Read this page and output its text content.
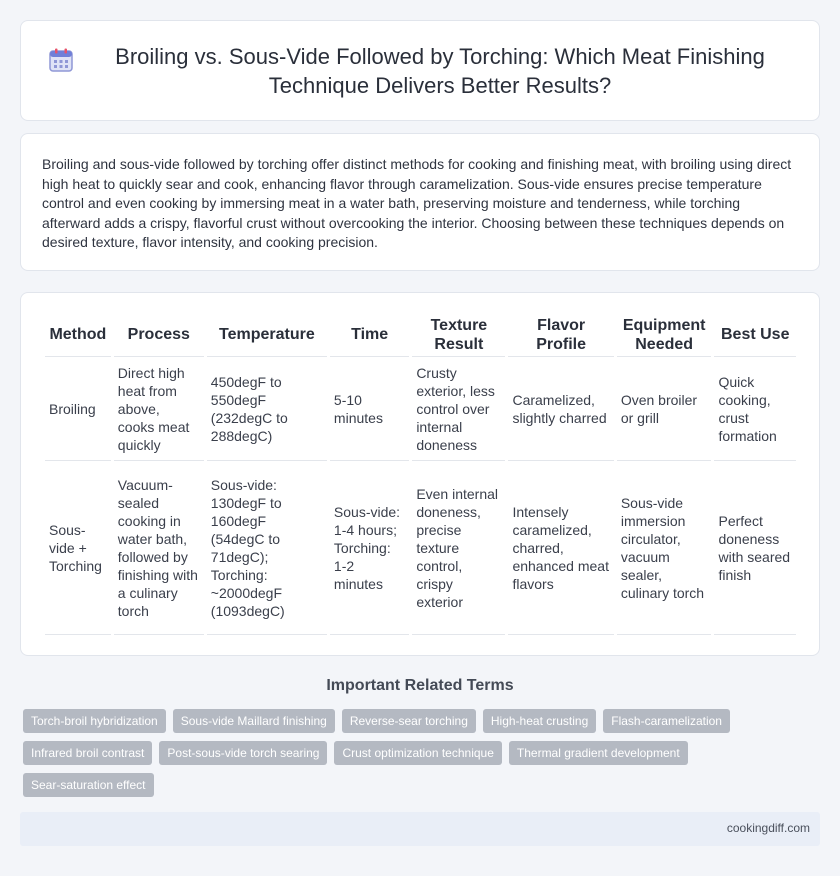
Broiling vs. Sous-Vide Followed by Torching: Which Meat Finishing Technique Delivers Better Results?

Broiling and sous-vide followed by torching offer distinct methods for cooking and finishing meat, with broiling using direct high heat to quickly sear and cook, enhancing flavor through caramelization. Sous-vide ensures precise temperature control and even cooking by immersing meat in a water bath, preserving moisture and tenderness, while torching afterward adds a crispy, flavorful crust without overcooking the interior. Choosing between these techniques depends on desired texture, flavor intensity, and cooking precision.

Method	Process	Temperature	Time	Texture Result	Flavor Profile	Equipment Needed	Best Use
Broiling	Direct high heat from above, cooks meat quickly	450degF to 550degF (232degC to 288degC)	5-10 minutes	Crusty exterior, less control over internal doneness	Caramelized, slightly charred	Oven broiler or grill	Quick cooking, crust formation
Sous-vide + Torching	Vacuum-sealed cooking in water bath, followed by finishing with a culinary torch	Sous-vide: 130degF to 160degF (54degC to 71degC); Torching: ~2000degF (1093degC)	Sous-vide: 1-4 hours; Torching: 1-2 minutes	Even internal doneness, precise texture control, crispy exterior	Intensely caramelized, charred, enhanced meat flavors	Sous-vide immersion circulator, vacuum sealer, culinary torch	Perfect doneness with seared finish
Important Related Terms
Torch-broil hybridization	Sous-vide Maillard finishing	Reverse-sear torching	High-heat crusting	Flash-caramelization
Infrared broil contrast	Post-sous-vide torch searing	Crust optimization technique	Thermal gradient development
Sear-saturation effect
cookingdiff.com
